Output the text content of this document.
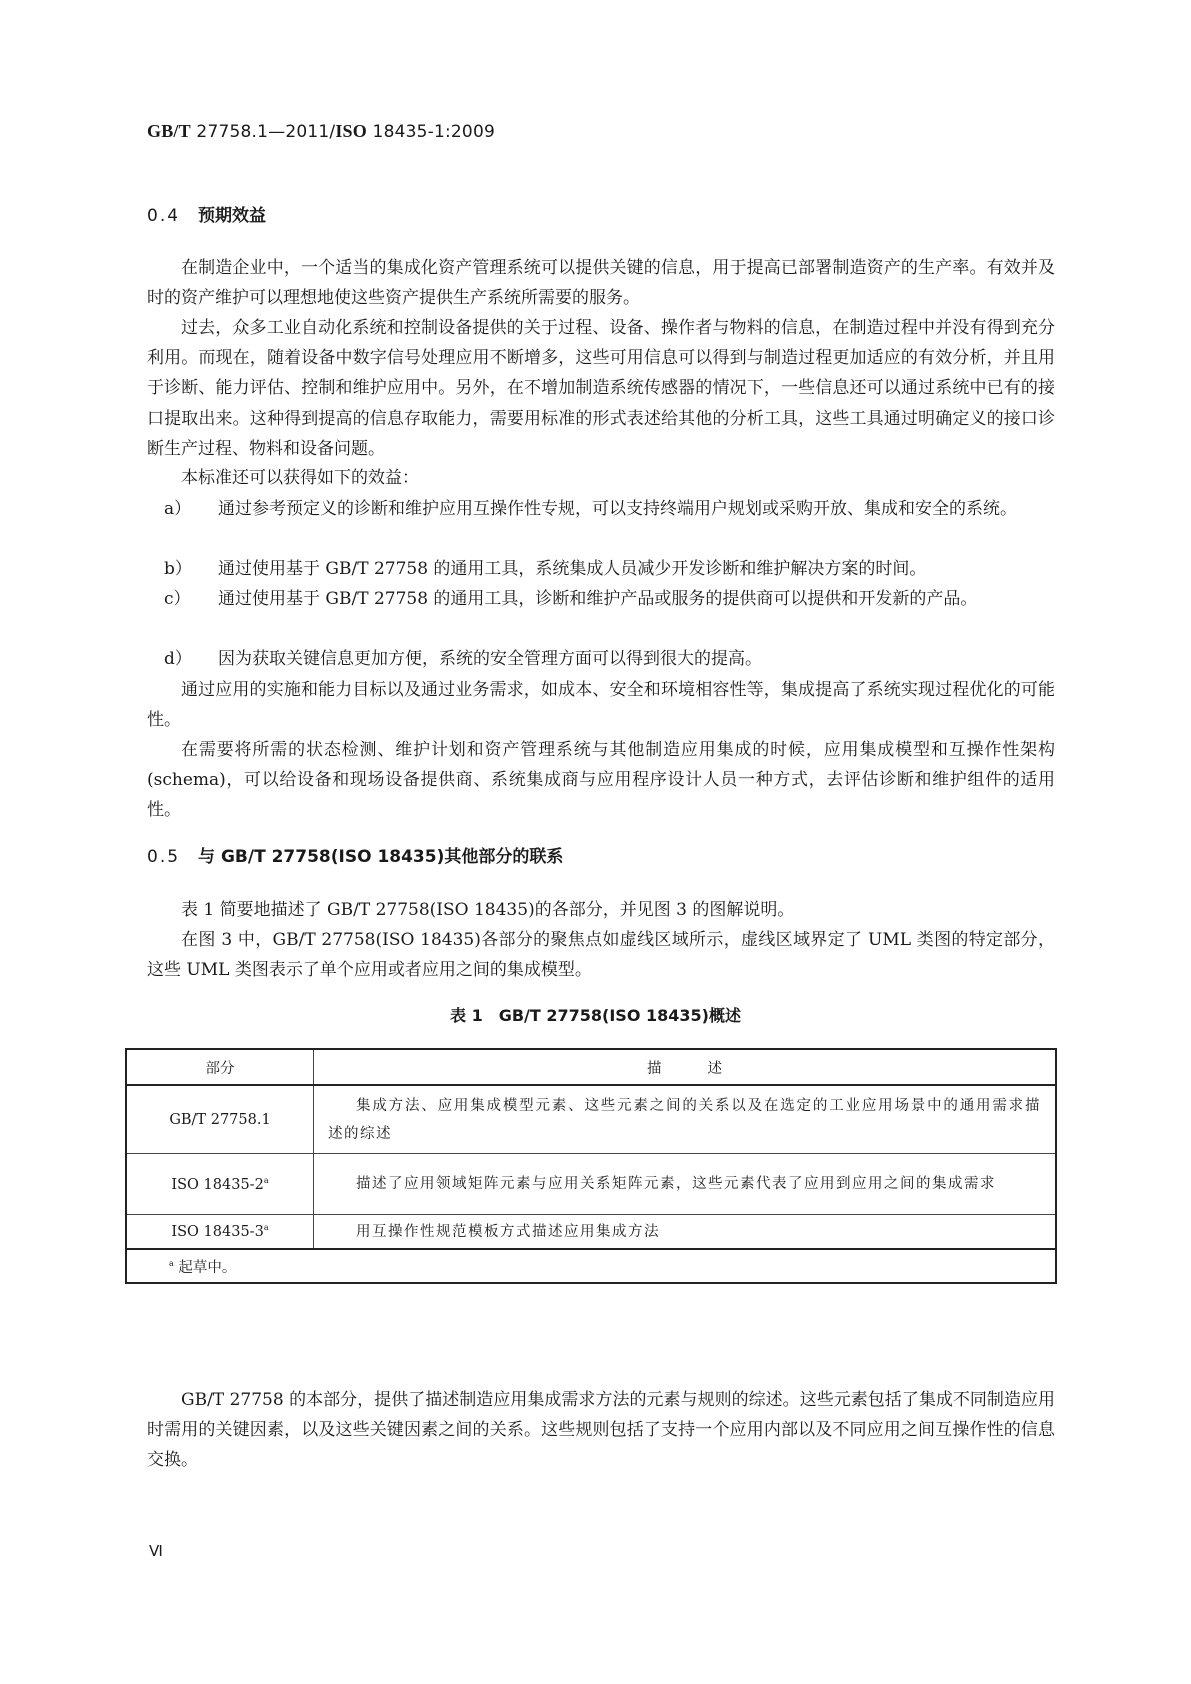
GB/T 27758.1—2011/ISO 18435-1:2009
0.4 预期效益
在制造企业中，一个适当的集成化资产管理系统可以提供关键的信息，用于提高已部署制造资产的生产率。有效并及时的资产维护可以理想地使这些资产提供生产系统所需要的服务。
过去，众多工业自动化系统和控制设备提供的关于过程、设备、操作者与物料的信息，在制造过程中并没有得到充分利用。而现在，随着设备中数字信号处理应用不断增多，这些可用信息可以得到与制造过程更加适应的有效分析，并且用于诊断、能力评估、控制和维护应用中。另外，在不增加制造系统传感器的情况下，一些信息还可以通过系统中已有的接口提取出来。这种得到提高的信息存取能力，需要用标准的形式表述给其他的分析工具，这些工具通过明确定义的接口诊断生产过程、物料和设备问题。
本标准还可以获得如下的效益：
a）	通过参考预定义的诊断和维护应用互操作性专规，可以支持终端用户规划或采购开放、集成和安全的系统。
b）	通过使用基于 GB/T 27758 的通用工具，系统集成人员减少开发诊断和维护解决方案的时间。
c）	通过使用基于 GB/T 27758 的通用工具，诊断和维护产品或服务的提供商可以提供和开发新的产品。
d）	因为获取关键信息更加方便，系统的安全管理方面可以得到很大的提高。
通过应用的实施和能力目标以及通过业务需求，如成本、安全和环境相容性等，集成提高了系统实现过程优化的可能性。
在需要将所需的状态检测、维护计划和资产管理系统与其他制造应用集成的时候，应用集成模型和互操作性架构(schema)，可以给设备和现场设备提供商、系统集成商与应用程序设计人员一种方式，去评估诊断和维护组件的适用性。
0.5 与 GB/T 27758(ISO 18435)其他部分的联系
表 1 简要地描述了 GB/T 27758(ISO 18435)的各部分，并见图 3 的图解说明。
在图 3 中，GB/T 27758(ISO 18435)各部分的聚焦点如虚线区域所示，虚线区域界定了 UML 类图的特定部分，这些 UML 类图表示了单个应用或者应用之间的集成模型。
表 1　GB/T 27758(ISO 18435)概述
部分	描 述
GB/T 27758.1	集成方法、应用集成模型元素、这些元素之间的关系以及在选定的工业应用场景中的通用需求描述的综述
ISO 18435-2$^a$	描述了应用领域矩阵元素与应用关系矩阵元素，这些元素代表了应用到应用之间的集成需求
ISO 18435-3$^a$	用互操作性规范模板方式描述应用集成方法
$^a$ 起草中。	
GB/T 27758 的本部分，提供了描述制造应用集成需求方法的元素与规则的综述。这些元素包括了集成不同制造应用时需用的关键因素，以及这些关键因素之间的关系。这些规则包括了支持一个应用内部以及不同应用之间互操作性的信息交换。
Ⅵ
